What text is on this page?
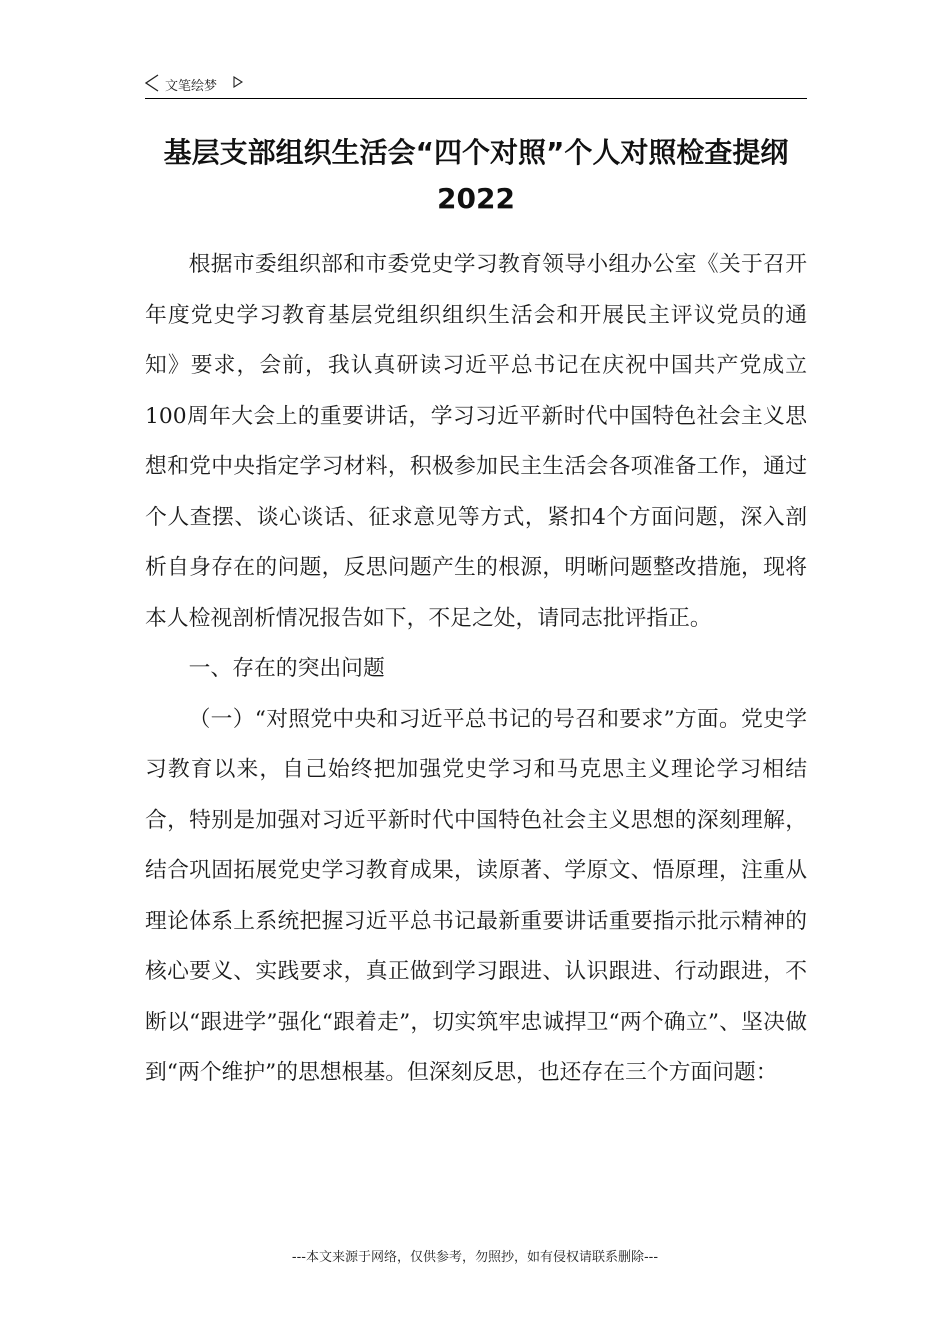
文笔绘梦
基层支部组织生活会“四个对照”个人对照检查提纲
2022

根据市委组织部和市委党史学习教育领导小组办公室《关于召开年度党史学习教育基层党组织组织生活会和开展民主评议党员的通知》要求，会前，我认真研读习近平总书记在庆祝中国共产党成立100周年大会上的重要讲话，学习习近平新时代中国特色社会主义思想和党中央指定学习材料，积极参加民主生活会各项准备工作，通过个人查摆、谈心谈话、征求意见等方式，紧扣4个方面问题，深入剖析自身存在的问题，反思问题产生的根源，明晰问题整改措施，现将本人检视剖析情况报告如下，不足之处，请同志批评指正。

一、存在的突出问题

（一）“对照党中央和习近平总书记的号召和要求”方面。党史学习教育以来，自己始终把加强党史学习和马克思主义理论学习相结合，特别是加强对习近平新时代中国特色社会主义思想的深刻理解，结合巩固拓展党史学习教育成果，读原著、学原文、悟原理，注重从理论体系上系统把握习近平总书记最新重要讲话重要指示批示精神的核心要义、实践要求，真正做到学习跟进、认识跟进、行动跟进，不断以“跟进学”强化“跟着走”，切实筑牢忠诚捍卫“两个确立”、坚决做到“两个维护”的思想根基。但深刻反思，也还存在三个方面问题：

---本文来源于网络，仅供参考，勿照抄，如有侵权请联系删除---
